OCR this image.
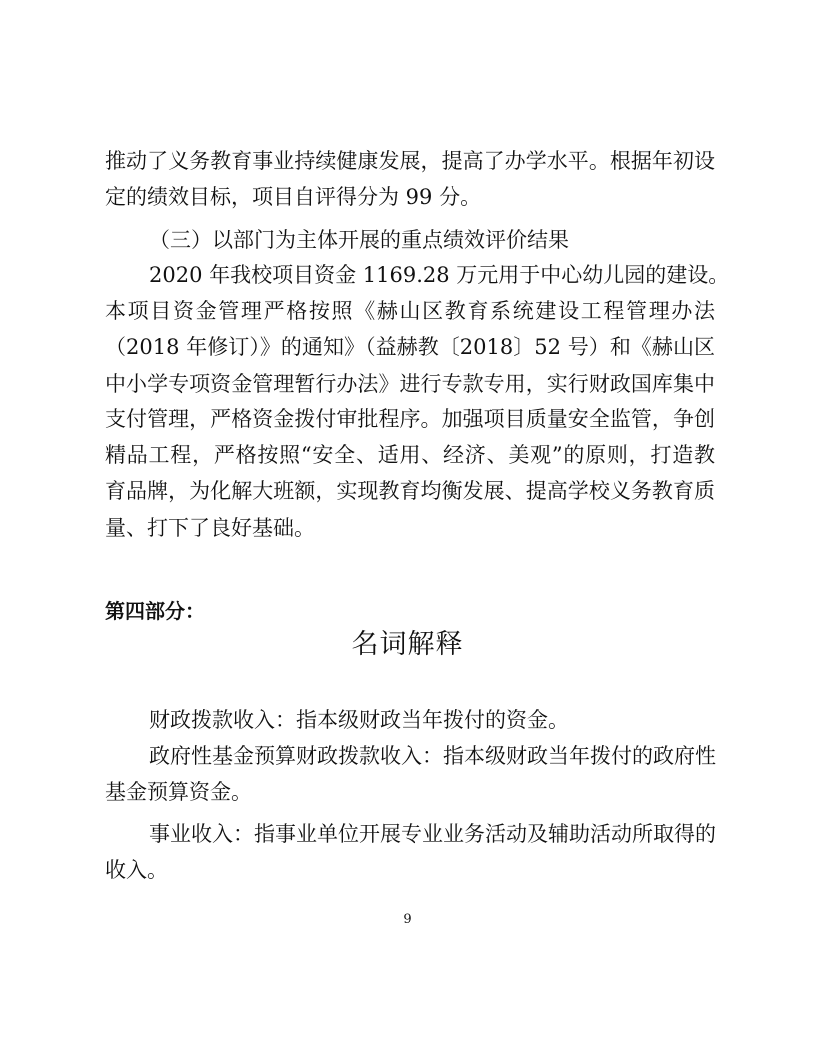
推动了义务教育事业持续健康发展，提高了办学水平。根据年初设
定的绩效目标，项目自评得分为 99 分。
（三）以部门为主体开展的重点绩效评价结果
2020 年我校项目资金 1169.28 万元用于中心幼儿园的建设。
本项目资金管理严格按照《赫山区教育系统建设工程管理办法
（2018 年修订）》的通知》（益赫教〔2018〕52 号）和《赫山区
中小学专项资金管理暂行办法》进行专款专用，实行财政国库集中
支付管理，严格资金拨付审批程序。加强项目质量安全监管，争创
精品工程，严格按照“安全、适用、经济、美观”的原则，打造教
育品牌，为化解大班额，实现教育均衡发展、提高学校义务教育质
量、打下了良好基础。
第四部分：
名词解释
财政拨款收入：指本级财政当年拨付的资金。
政府性基金预算财政拨款收入：指本级财政当年拨付的政府性
基金预算资金。
事业收入：指事业单位开展专业业务活动及辅助活动所取得的
收入。
9
